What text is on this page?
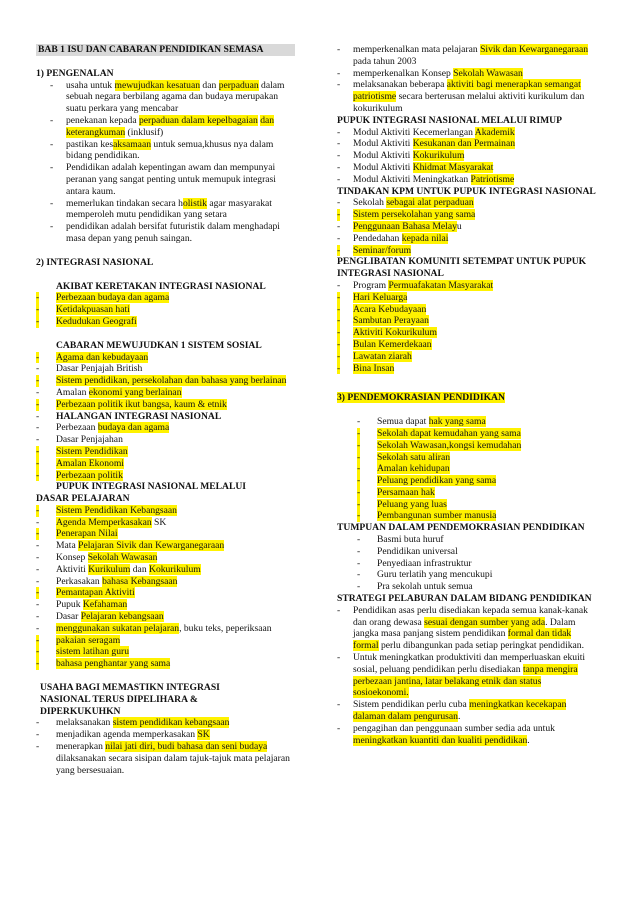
BAB 1 ISU DAN CABARAN PENDIDIKAN SEMASA
1) PENGENALAN
- usaha untuk mewujudkan kesatuan dan perpaduan dalam sebuah negara berbilang agama dan budaya merupakan suatu perkara yang mencabar
- penekanan kepada perpaduan dalam kepelbagaian dan keterangkuman (inklusif)
- pastikan kesaksamaan untuk semua,khusus nya dalam bidang pendidikan.
- Pendidikan adalah kepentingan awam dan mempunyai peranan yang sangat penting untuk memupuk integrasi antara kaum.
- memerlukan tindakan secara holistik agar masyarakat memperoleh mutu pendidikan yang setara
- pendidikan adalah bersifat futuristik dalam menghadapi masa depan yang penuh saingan.
2) INTEGRASI NASIONAL
AKIBAT KERETAKAN INTEGRASI NASIONAL
- Perbezaan budaya dan agama
- Ketidakpuasan hati
- Kedudukan Geografi
CABARAN MEWUJUDKAN 1 SISTEM SOSIAL
- Agama dan kebudayaan
- Dasar Penjajah British
- Sistem pendidikan, persekolahan dan bahasa yang berlainan
- Amalan ekonomi yang berlainan
- Perbezaan politik ikut bangsa, kaum & etnik
-	HALANGAN INTEGRASI NASIONAL
- Perbezaan budaya dan agama
- Dasar Penjajahan
- Sistem Pendidikan
- Amalan Ekonomi
- Perbezaan politik
PUPUK INTEGRASI NASIONAL MELALUI
DASAR PELAJARAN
- Sistem Pendidikan Kebangsaan
- Agenda Memperkasakan SK
- Penerapan Nilai
- Mata Pelajaran Sivik dan Kewarganegaraan
- Konsep Sekolah Wawasan
- Aktiviti Kurikulum dan Kokurikulum
- Perkasakan bahasa Kebangsaan
- Pemantapan Aktiviti
- Pupuk Kefahaman
- Dasar Pelajaran kebangsaan
- menggunakan sukatan pelajaran, buku teks, peperiksaan
- pakaian seragam
- sistem latihan guru
- bahasa penghantar yang sama
USAHA BAGI MEMASTIKN INTEGRASI
NASIONAL TERUS DIPELIHARA &
DIPERKUKUHKN
- melaksanakan sistem pendidikan kebangsaan
- menjadikan agenda memperkasakan SK
- menerapkan nilai jati diri, budi bahasa dan seni budaya dilaksanakan secara sisipan dalam tajuk-tajuk mata pelajaran yang bersesuaian.
- memperkenalkan mata pelajaran Sivik dan Kewarganegaraan pada tahun 2003
- memperkenalkan Konsep Sekolah Wawasan
- melaksanakan beberapa aktiviti bagi menerapkan semangat patriotisme secara berterusan melalui aktiviti kurikulum dan kokurikulum
PUPUK INTEGRASI NASIONAL MELALUI RIMUP
- Modul Aktiviti Kecemerlangan Akademik
- Modul Aktiviti Kesukanan dan Permainan
- Modul Aktiviti Kokurikulum
- Modul Aktiviti Khidmat Masyarakat
- Modul Aktiviti Meningkatkan Patriotisme
TINDAKAN KPM UNTUK PUPUK INTEGRASI NASIONAL
- Sekolah sebagai alat perpaduan
- Sistem persekolahan yang sama
- Penggunaan Bahasa Melayu
- Pendedahan kepada nilai
- Seminar/forum
PENGLIBATAN KOMUNITI SETEMPAT UNTUK PUPUK INTEGRASI NASIONAL
- Program Permuafakatan Masyarakat
- Hari Keluarga
- Acara Kebudayaan
- Sambutan Perayaan
- Aktiviti Kokurikulum
- Bulan Kemerdekaan
- Lawatan ziarah
- Bina Insan
3) PENDEMOKRASIAN PENDIDIKAN
- Semua dapat hak yang sama
- Sekolah dapat kemudahan yang sama
- Sekolah Wawasan,kongsi kemudahan
- Sekolah satu aliran
- Amalan kehidupan
- Peluang pendidikan yang sama
- Persamaan hak
- Peluang yang luas
- Pembangunan sumber manusia
TUMPUAN DALAM PENDEMOKRASIAN PENDIDIKAN
- Basmi buta huruf
- Pendidikan universal
- Penyediaan infrastruktur
- Guru terlatih yang mencukupi
- Pra sekolah untuk semua
STRATEGI PELABURAN DALAM BIDANG PENDIDIKAN
- Pendidikan asas perlu disediakan kepada semua kanak-kanak dan orang dewasa sesuai dengan sumber yang ada. Dalam jangka masa panjang sistem pendidikan formal dan tidak formal perlu dibangunkan pada setiap peringkat pendidikan.
- Untuk meningkatkan produktiviti dan memperluaskan ekuiti sosial, peluang pendidikan perlu disediakan tanpa mengira perbezaan jantina, latar belakang etnik dan status sosioekonomi.
- Sistem pendidikan perlu cuba meningkatkan kecekapan dalaman dalam pengurusan.
- pengagihan dan penggunaan sumber sedia ada untuk meningkatkan kuantiti dan kualiti pendidikan.
